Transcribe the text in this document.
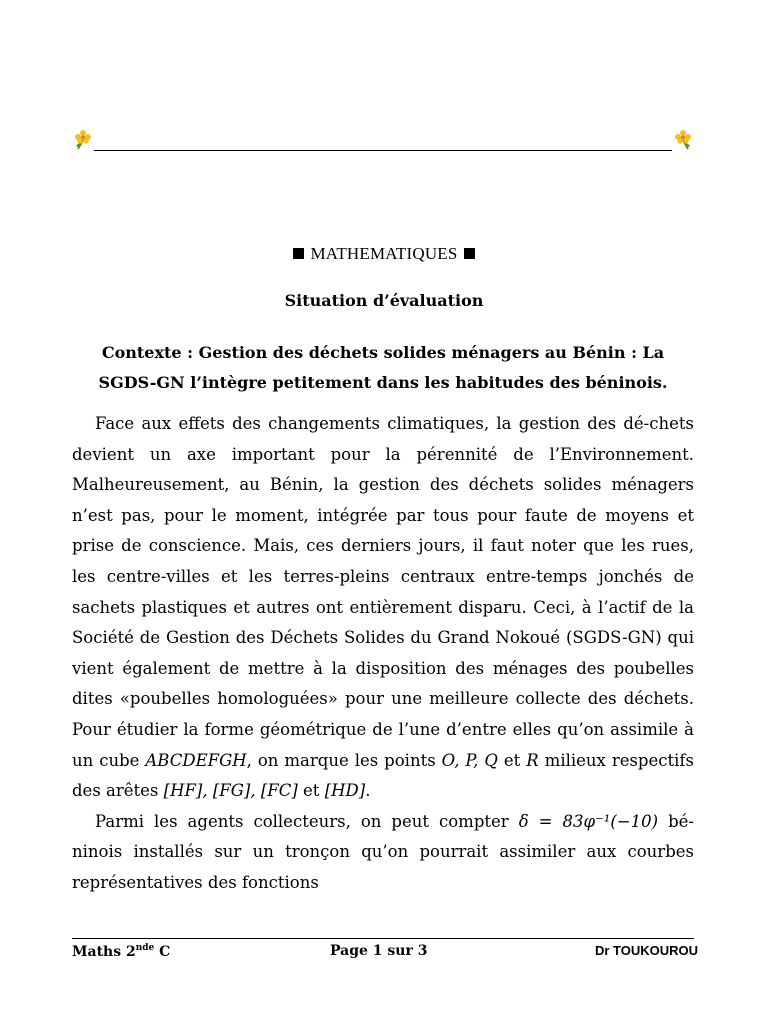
MATHEMATIQUES
Situation d’évaluation
Contexte : Gestion des déchets solides ménagers au Bénin : La
SGDS-GN l’intègre petitement dans les habitudes des béninois.

Face aux effets des changements climatiques, la gestion des dé-chets devient un axe important pour la pérennité de l’Environnement. Malheureusement, au Bénin, la gestion des déchets solides ménagers n’est pas, pour le moment, intégrée par tous pour faute de moyens et prise de conscience. Mais, ces derniers jours, il faut noter que les rues, les centre-villes et les terres-pleins centraux entre-temps jonchés de sachets plastiques et autres ont entièrement disparu. Ceci, à l’actif de la Société de Gestion des Déchets Solides du Grand Nokoué (SGDS-GN) qui vient également de mettre à la disposition des ménages des poubelles dites «poubelles homologuées» pour une meilleure collecte des déchets. Pour étudier la forme géométrique de l’une d’entre elles qu’on assimile à un cube ABCDEFGH, on marque les points O, P, Q et R milieux respectifs des arêtes [HF], [FG], [FC] et [HD].

Parmi les agents collecteurs, on peut compter δ = 83φ⁻¹(−10) bé-ninois installés sur un tronçon qu’on pourrait assimiler aux courbes représentatives des fonctions

Maths 2nde C	Page 1 sur 3	Dr TOUKOUROU
